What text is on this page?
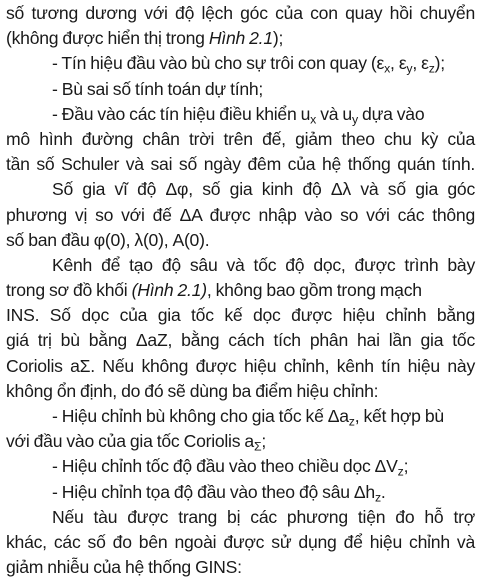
số tương dương với độ lệch góc của con quay hồi chuyển
(không được hiển thị trong Hình 2.1);
- Tín hiệu đầu vào bù cho sự trôi con quay ($\varepsilon_x$, $\varepsilon_y$, $\varepsilon_z$);
- Bù sai số tính toán dự tính;
- Đầu vào các tín hiệu điều khiển $u_x$ và $u_y$ dựa vào
mô hình đường chân trời trên đế, giảm theo chu kỳ của
tần số Schuler và sai số ngày đêm của hệ thống quán tính.
Số gia vĩ độ Δφ, số gia kinh độ Δλ và số gia góc
phương vị so với đế ΔA được nhập vào so với các thông
số ban đầu φ(0), λ(0), A(0).
Kênh để tạo độ sâu và tốc độ dọc, được trình bày
trong sơ đồ khối (Hình 2.1), không bao gồm trong mạch
INS. Số dọc của gia tốc kế dọc được hiệu chỉnh bằng
giá trị bù bằng ΔaZ, bằng cách tích phân hai lần gia tốc
Coriolis aΣ. Nếu không được hiệu chỉnh, kênh tín hiệu này
không ổn định, do đó sẽ dùng ba điểm hiệu chỉnh:
- Hiệu chỉnh bù không cho gia tốc kế $\Delta a_z$, kết hợp bù
với đầu vào của gia tốc Coriolis $a_\Sigma$;
- Hiệu chỉnh tốc độ đầu vào theo chiều dọc $\Delta V_z$;
- Hiệu chỉnh tọa độ đầu vào theo độ sâu $\Delta h_z$.
Nếu tàu được trang bị các phương tiện đo hỗ trợ
khác, các số đo bên ngoài được sử dụng để hiệu chỉnh và
giảm nhiễu của hệ thống GINS:
